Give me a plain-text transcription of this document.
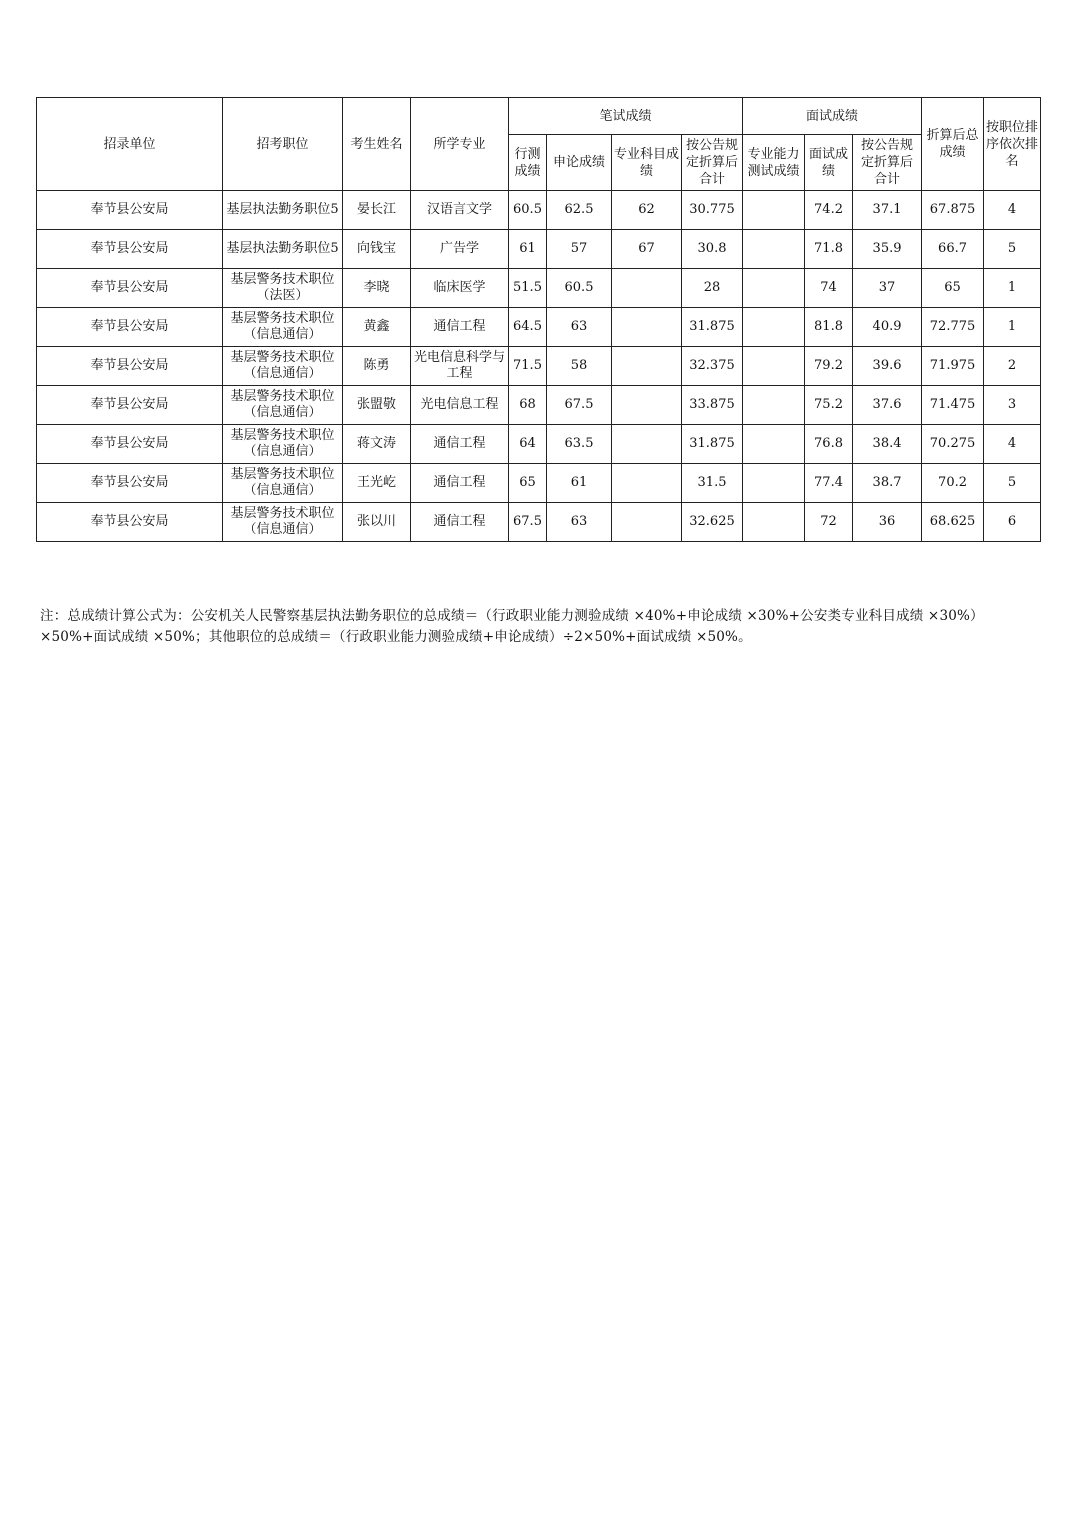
招录单位	招考职位	考生姓名	所学专业	笔试成绩				面试成绩			折算后总成绩	按职位排序依次排名
				行测成绩	申论成绩	专业科目成绩	按公告规定折算后合计	专业能力测试成绩	面试成绩	按公告规定折算后合计		
奉节县公安局	基层执法勤务职位5	晏长江	汉语言文学	60.5	62.5	62	30.775		74.2	37.1	67.875	4
奉节县公安局	基层执法勤务职位5	向钱宝	广告学	61	57	67	30.8		71.8	35.9	66.7	5
奉节县公安局	基层警务技术职位（法医）	李晓	临床医学	51.5	60.5		28		74	37	65	1
奉节县公安局	基层警务技术职位（信息通信）	黄鑫	通信工程	64.5	63		31.875		81.8	40.9	72.775	1
奉节县公安局	基层警务技术职位（信息通信）	陈勇	光电信息科学与工程	71.5	58		32.375		79.2	39.6	71.975	2
奉节县公安局	基层警务技术职位（信息通信）	张盟敬	光电信息工程	68	67.5		33.875		75.2	37.6	71.475	3
奉节县公安局	基层警务技术职位（信息通信）	蒋文涛	通信工程	64	63.5		31.875		76.8	38.4	70.275	4
奉节县公安局	基层警务技术职位（信息通信）	王光屹	通信工程	65	61		31.5		77.4	38.7	70.2	5
奉节县公安局	基层警务技术职位（信息通信）	张以川	通信工程	67.5	63		32.625		72	36	68.625	6

注：总成绩计算公式为：公安机关人民警察基层执法勤务职位的总成绩＝（行政职业能力测验成绩 ×40%+申论成绩 ×30%+公安类专业科目成绩 ×30%）×50%+面试成绩 ×50%；其他职位的总成绩＝（行政职业能力测验成绩+申论成绩）÷2×50%+面试成绩 ×50%。
